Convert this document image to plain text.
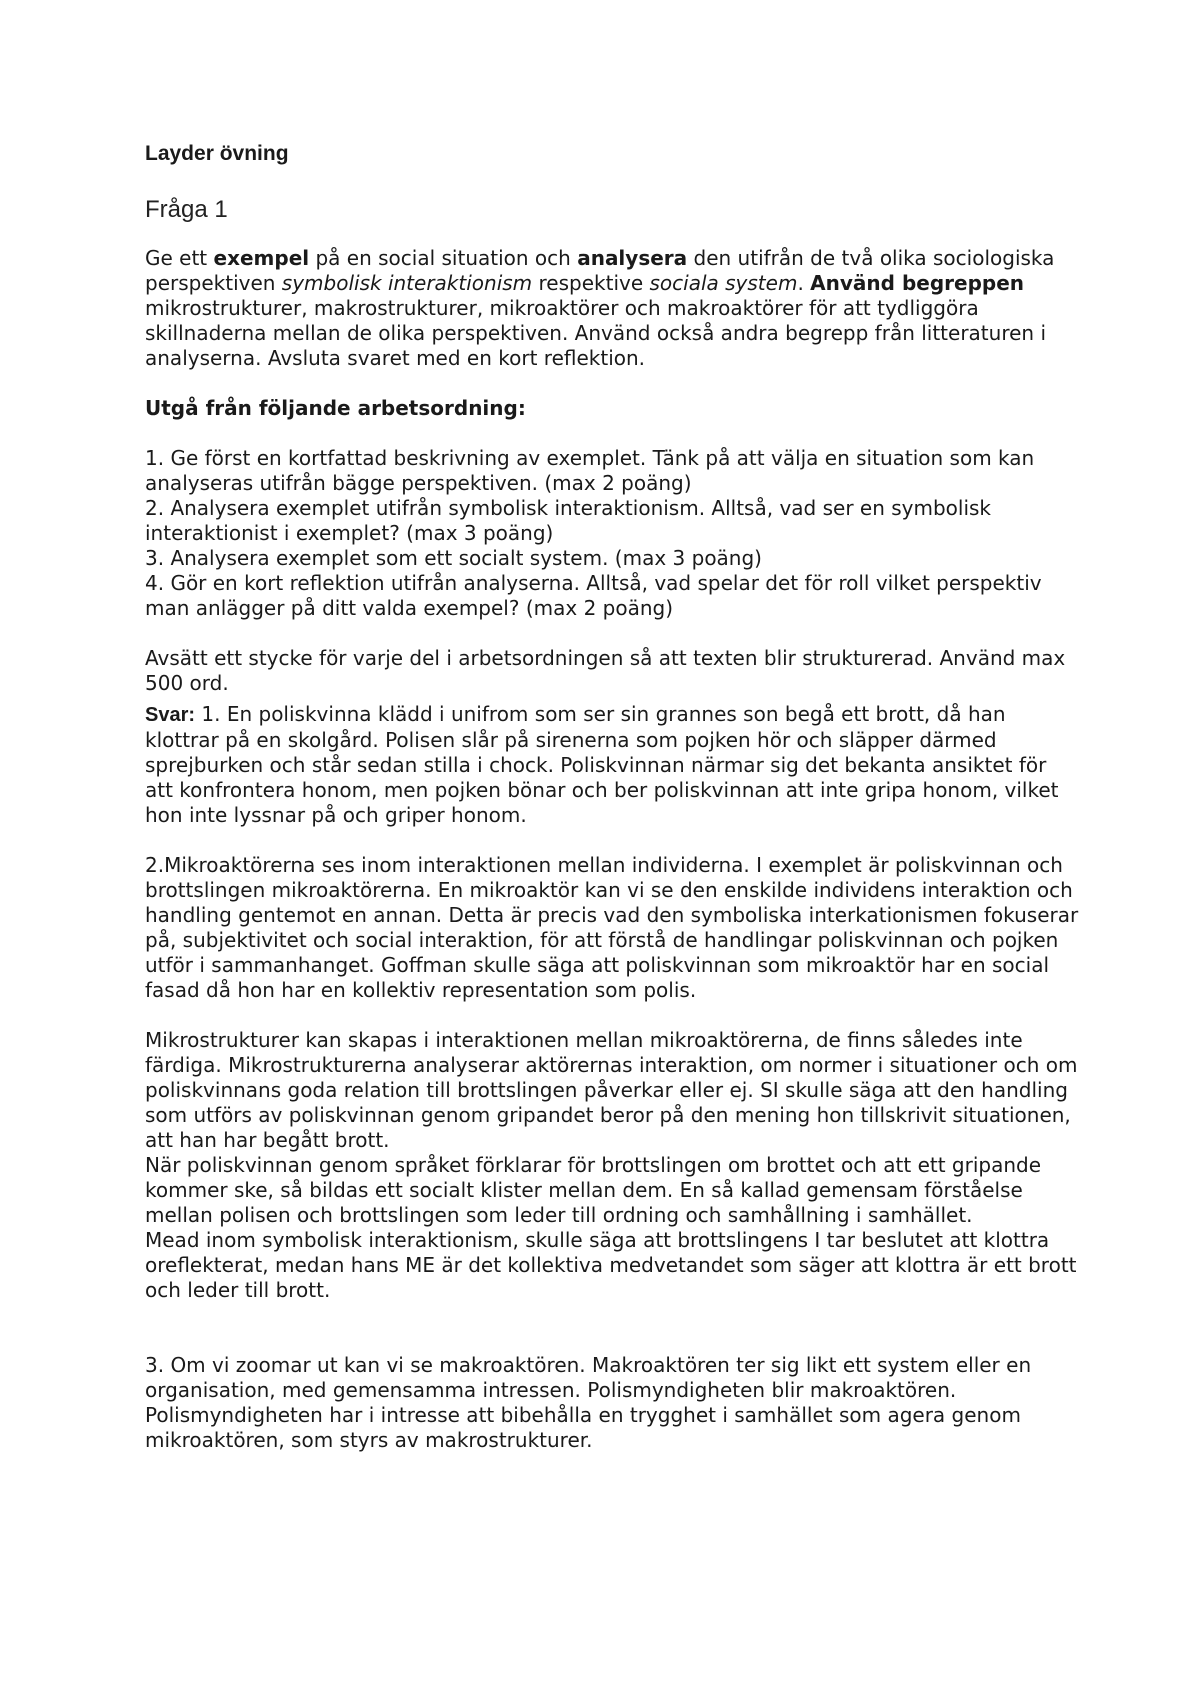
Layder övning
Fråga 1

Ge ett exempel på en social situation och analysera den utifrån de två olika sociologiska perspektiven symbolisk interaktionism respektive sociala system. Använd begreppen mikrostrukturer, makrostrukturer, mikroaktörer och makroaktörer för att tydliggöra skillnaderna mellan de olika perspektiven. Använd också andra begrepp från litteraturen i analyserna. Avsluta svaret med en kort reflektion.

Utgå från följande arbetsordning:

1. Ge först en kortfattad beskrivning av exemplet. Tänk på att välja en situation som kan analyseras utifrån bägge perspektiven. (max 2 poäng)

2. Analysera exemplet utifrån symbolisk interaktionism. Alltså, vad ser en symbolisk interaktionist i exemplet? (max 3 poäng)

3. Analysera exemplet som ett socialt system. (max 3 poäng)

4. Gör en kort reflektion utifrån analyserna. Alltså, vad spelar det för roll vilket perspektiv man anlägger på ditt valda exempel? (max 2 poäng)

Avsätt ett stycke för varje del i arbetsordningen så att texten blir strukturerad. Använd max 500 ord.

Svar: 1. En poliskvinna klädd i unifrom som ser sin grannes son begå ett brott, då han klottrar på en skolgård. Polisen slår på sirenerna som pojken hör och släpper därmed sprejburken och står sedan stilla i chock. Poliskvinnan närmar sig det bekanta ansiktet för att konfrontera honom, men pojken bönar och ber poliskvinnan att inte gripa honom, vilket hon inte lyssnar på och griper honom.

2.Mikroaktörerna ses inom interaktionen mellan individerna. I exemplet är poliskvinnan och brottslingen mikroaktörerna. En mikroaktör kan vi se den enskilde individens interaktion och handling gentemot en annan. Detta är precis vad den symboliska interkationismen fokuserar på, subjektivitet och social interaktion, för att förstå de handlingar poliskvinnan och pojken utför i sammanhanget. Goffman skulle säga att poliskvinnan som mikroaktör har en social fasad då hon har en kollektiv representation som polis.

Mikrostrukturer kan skapas i interaktionen mellan mikroaktörerna, de finns således inte färdiga. Mikrostrukturerna analyserar aktörernas interaktion, om normer i situationer och om poliskvinnans goda relation till brottslingen påverkar eller ej. SI skulle säga att den handling som utförs av poliskvinnan genom gripandet beror på den mening hon tillskrivit situationen, att han har begått brott.

När poliskvinnan genom språket förklarar för brottslingen om brottet och att ett gripande kommer ske, så bildas ett socialt klister mellan dem. En så kallad gemensam förståelse mellan polisen och brottslingen som leder till ordning och samhållning i samhället.

Mead inom symbolisk interaktionism, skulle säga att brottslingens I tar beslutet att klottra oreflekterat, medan hans ME är det kollektiva medvetandet som säger att klottra är ett brott och leder till brott.

3. Om vi zoomar ut kan vi se makroaktören. Makroaktören ter sig likt ett system eller en organisation, med gemensamma intressen. Polismyndigheten blir makroaktören. Polismyndigheten har i intresse att bibehålla en trygghet i samhället som agera genom mikroaktören, som styrs av makrostrukturer.
